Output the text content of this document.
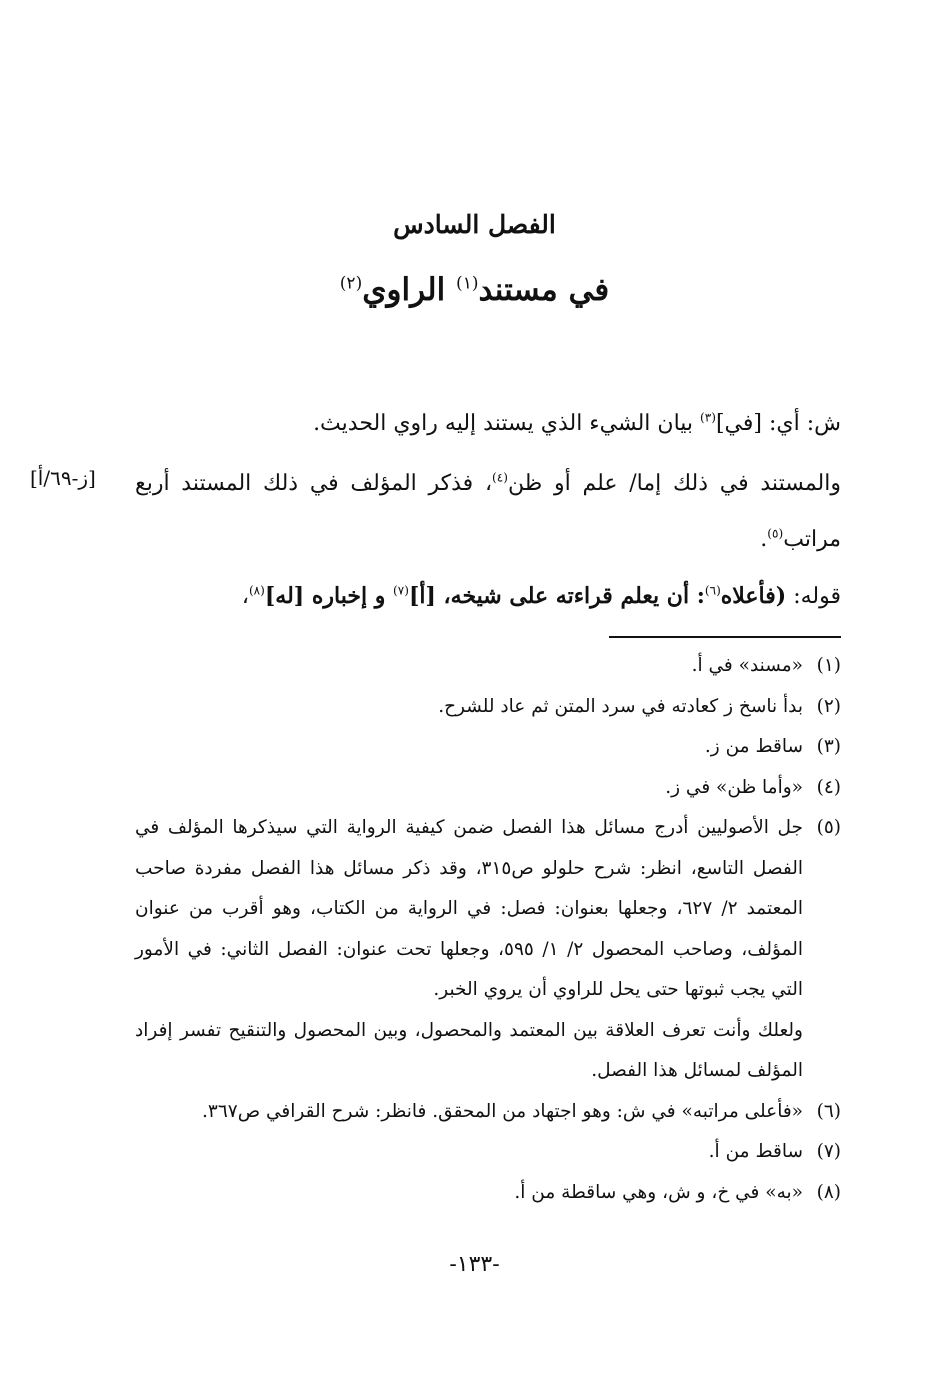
الفصل السادس
في مستند$^{(١)}$ الراوي$^{(٢)}$
[ز-٦٩/أ]

ش: أي: [في]$^{(٣)}$ بيان الشيء الذي يستند إليه راوي الحديث.

والمستند في ذلك إما/ علم أو ظن$^{(٤)}$، فذكر المؤلف في ذلك المستند أربع مراتب$^{(٥)}$.

قوله: (فأعلاه$^{(٦)}$: أن يعلم قراءته على شيخه، [أ]$^{(٧)}$ و إخباره [له]$^{(٨)}$،

(١)
«مسند» في أ.
(٢)
بدأ ناسخ ز كعادته في سرد المتن ثم عاد للشرح.
(٣)
ساقط من ز.
(٤)
«وأما ظن» في ز.
(٥)
جل الأصوليين أدرج مسائل هذا الفصل ضمن كيفية الرواية التي سيذكرها المؤلف في الفصل التاسع، انظر: شرح حلولو ص٣١٥، وقد ذكر مسائل هذا الفصل مفردة صاحب المعتمد ٢/ ٦٢٧، وجعلها بعنوان: فصل: في الرواية من الكتاب، وهو أقرب من عنوان المؤلف، وصاحب المحصول ٢/ ١/ ٥٩٥، وجعلها تحت عنوان: الفصل الثاني: في الأمور التي يجب ثبوتها حتى يحل للراوي أن يروي الخبر.
ولعلك وأنت تعرف العلاقة بين المعتمد والمحصول، وبين المحصول والتنقيح تفسر إفراد المؤلف لمسائل هذا الفصل.
(٦)
«فأعلى مراتبه» في ش: وهو اجتهاد من المحقق. فانظر: شرح القرافي ص٣٦٧.
(٧)
ساقط من أ.
(٨)
«به» في خ، و ش، وهي ساقطة من أ.
-١٣٣-
